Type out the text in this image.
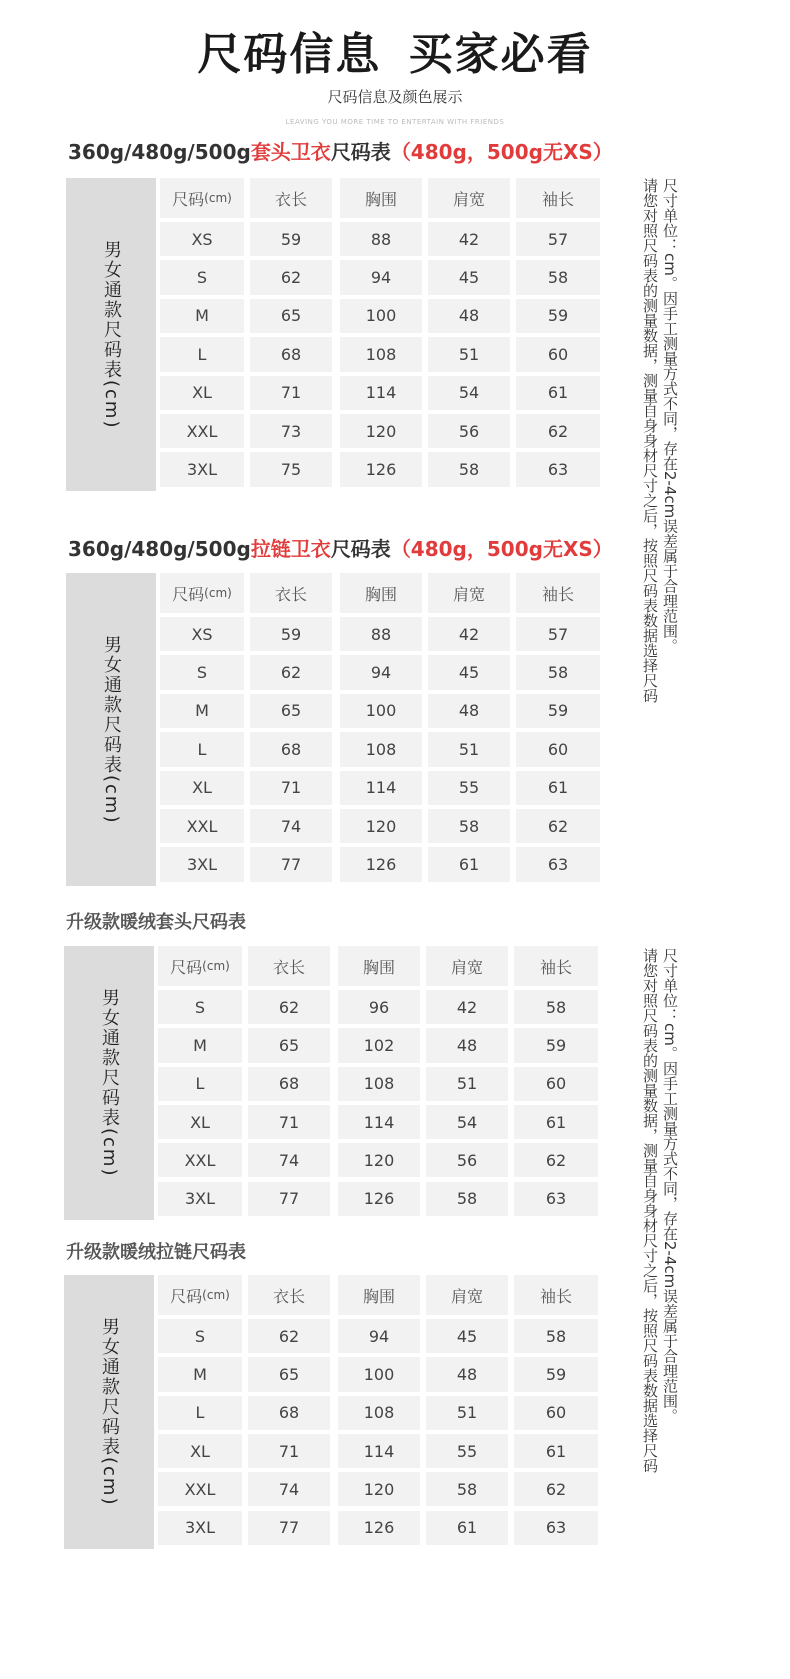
尺码信息 买家必看
尺码信息及颜色展示
LEAVING YOU MORE TIME TO ENTERTAIN WITH FRIENDS
360g/480g/500g套头卫衣尺码表（480g，500g无XS）
男女通款尺码表(cm)
尺码 (cm)	衣长	胸围	肩宽	袖长
XS	59	88	42	57
S	62	94	45	58
M	65	100	48	59
L	68	108	51	60
XL	71	114	54	61
XXL	73	120	56	62
3XL	75	126	58	63
360g/480g/500g拉链卫衣尺码表（480g，500g无XS）
男女通款尺码表(cm)
尺码 (cm)	衣长	胸围	肩宽	袖长
XS	59	88	42	57
S	62	94	45	58
M	65	100	48	59
L	68	108	51	60
XL	71	114	55	61
XXL	74	120	58	62
3XL	77	126	61	63
升级款暖绒套头尺码表
男女通款尺码表(cm)
尺码 (cm)	衣长	胸围	肩宽	袖长
S	62	96	42	58
M	65	102	48	59
L	68	108	51	60
XL	71	114	54	61
XXL	74	120	56	62
3XL	77	126	58	63
升级款暖绒拉链尺码表
男女通款尺码表(cm)
尺码 (cm)	衣长	胸围	肩宽	袖长
S	62	94	45	58
M	65	100	48	59
L	68	108	51	60
XL	71	114	55	61
XXL	74	120	58	62
3XL	77	126	61	63
尺寸单位：cm。因手工测量方式不同，存在2-4cm误差属于合理范围。
请您对照尺码表的测量数据，测量自身身材尺寸之后，按照尺码表数据选择尺码
尺寸单位：cm。因手工测量方式不同，存在2-4cm误差属于合理范围。
请您对照尺码表的测量数据，测量自身身材尺寸之后，按照尺码表数据选择尺码
